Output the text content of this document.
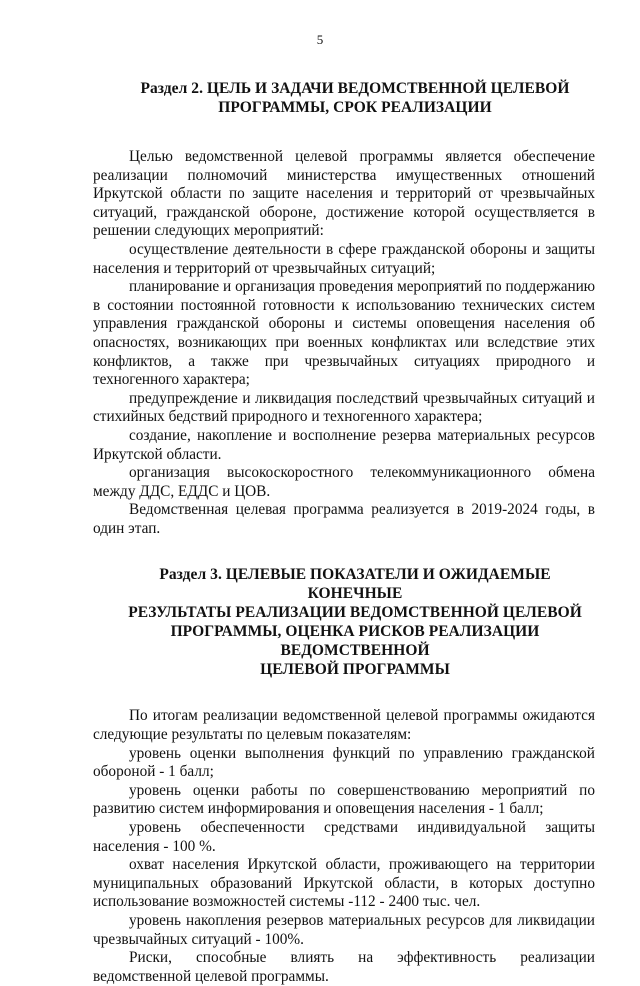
5
Раздел 2. ЦЕЛЬ И ЗАДАЧИ ВЕДОМСТВЕННОЙ ЦЕЛЕВОЙ
ПРОГРАММЫ, СРОК РЕАЛИЗАЦИИ

Целью ведомственной целевой программы является обеспечение реализации полномочий министерства имущественных отношений Иркутской области по защите населения и территорий от чрезвычайных ситуаций, гражданской обороне, достижение которой осуществляется в решении следующих мероприятий:

осуществление деятельности в сфере гражданской обороны и защиты населения и территорий от чрезвычайных ситуаций;

планирование и организация проведения мероприятий по поддержанию в состоянии постоянной готовности к использованию технических систем управления гражданской обороны и системы оповещения населения об опасностях, возникающих при военных конфликтах или вследствие этих конфликтов, а также при чрезвычайных ситуациях природного и техногенного характера;

предупреждение и ликвидация последствий чрезвычайных ситуаций и стихийных бедствий природного и техногенного характера;

создание, накопление и восполнение резерва материальных ресурсов Иркутской области.

организация высокоскоростного телекоммуникационного обмена между ДДС, ЕДДС и ЦОВ.

Ведомственная целевая программа реализуется в 2019-2024 годы, в один этап.

Раздел 3. ЦЕЛЕВЫЕ ПОКАЗАТЕЛИ И ОЖИДАЕМЫЕ КОНЕЧНЫЕ
РЕЗУЛЬТАТЫ РЕАЛИЗАЦИИ ВЕДОМСТВЕННОЙ ЦЕЛЕВОЙ
ПРОГРАММЫ, ОЦЕНКА РИСКОВ РЕАЛИЗАЦИИ ВЕДОМСТВЕННОЙ
ЦЕЛЕВОЙ ПРОГРАММЫ

По итогам реализации ведомственной целевой программы ожидаются следующие результаты по целевым показателям:

уровень оценки выполнения функций по управлению гражданской обороной - 1 балл;

уровень оценки работы по совершенствованию мероприятий по развитию систем информирования и оповещения населения - 1 балл;

уровень обеспеченности средствами индивидуальной защиты населения - 100 %.

охват населения Иркутской области, проживающего на территории муниципальных образований Иркутской области, в которых доступно использование возможностей системы -112 - 2400 тыс. чел.

уровень накопления резервов материальных ресурсов для ликвидации чрезвычайных ситуаций - 100%.

Риски, способные влиять на эффективность реализации ведомственной целевой программы.
